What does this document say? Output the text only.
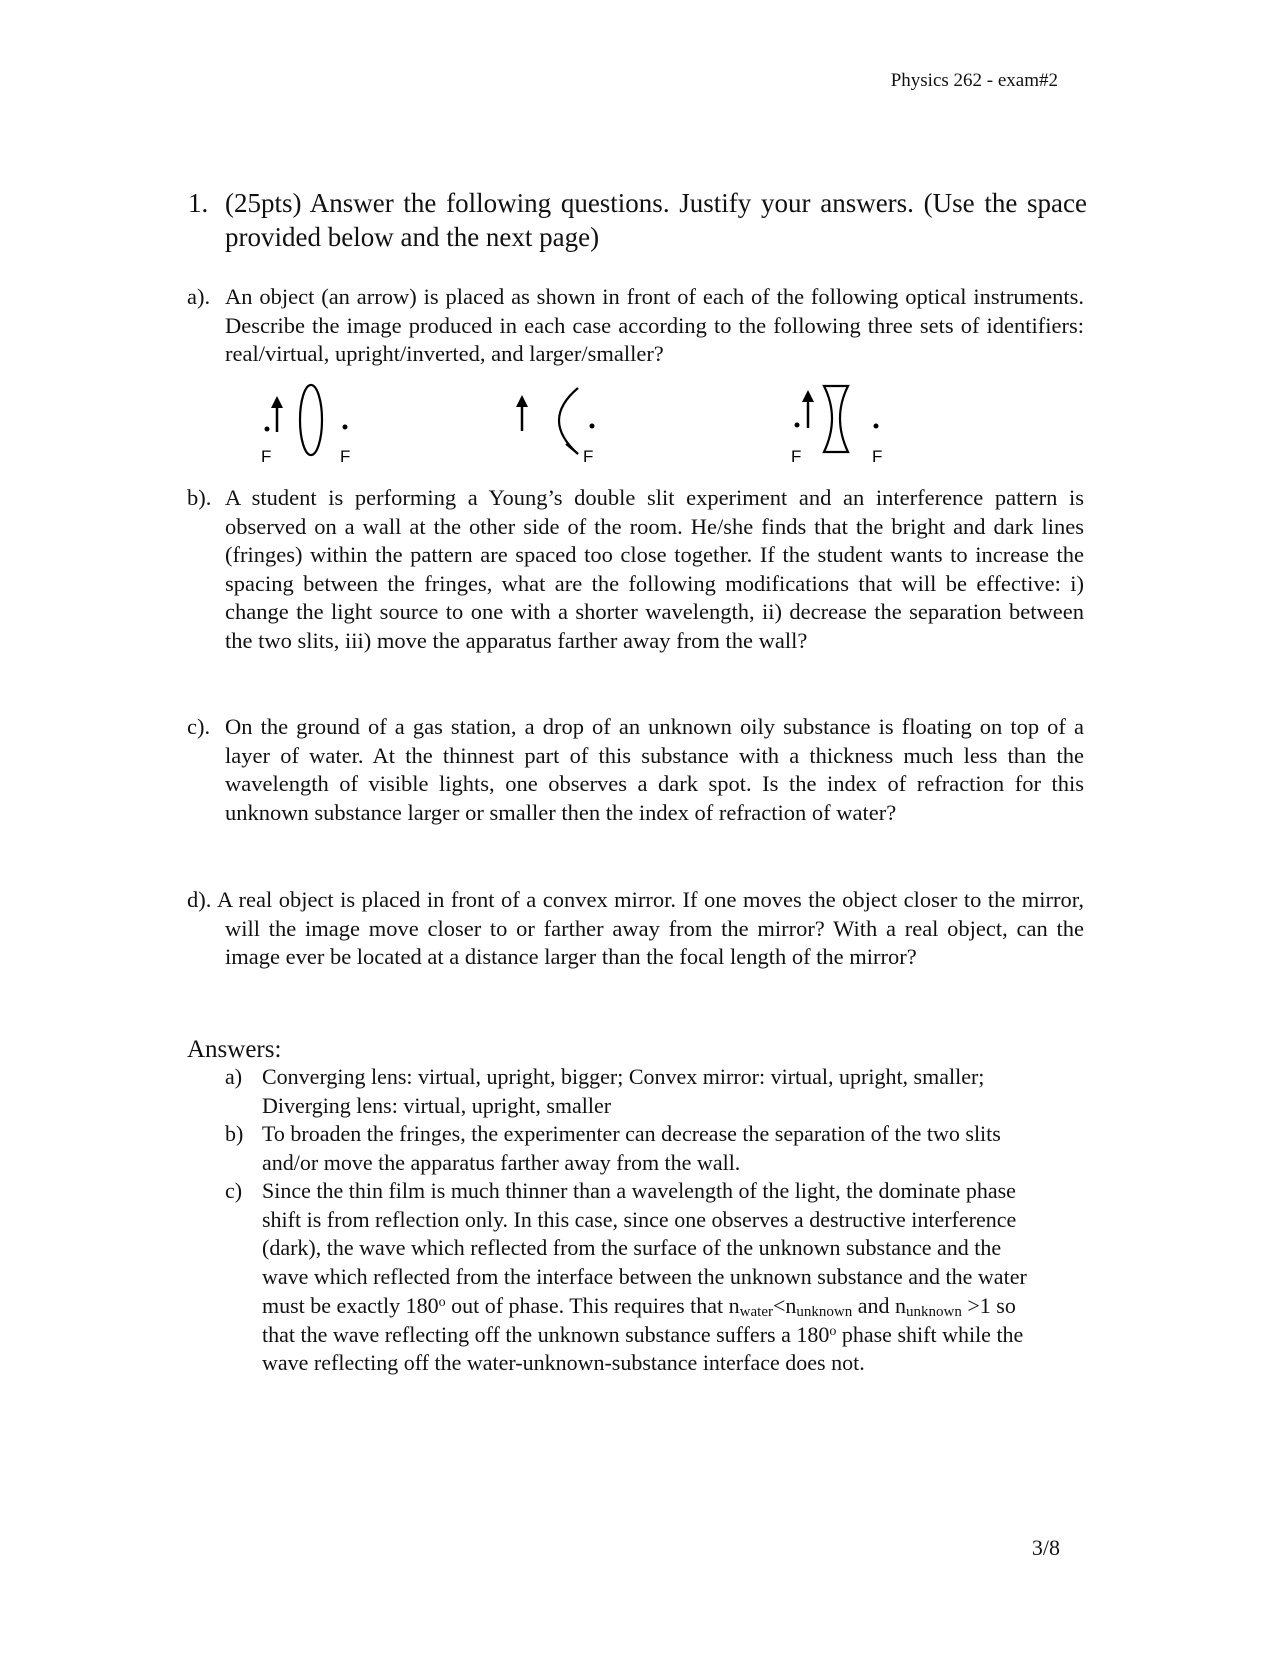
Physics 262 - exam#2
1. (25pts) Answer the following questions. Justify your answers. (Use the space provided below and the next page)
a). An object (an arrow) is placed as shown in front of each of the following optical instruments. Describe the image produced in each case according to the following three sets of identifiers: real/virtual, upright/inverted, and larger/smaller?
F	F	F	F	F
b). A student is performing a Young’s double slit experiment and an interference pattern is observed on a wall at the other side of the room. He/she finds that the bright and dark lines (fringes) within the pattern are spaced too close together. If the student wants to increase the spacing between the fringes, what are the following modifications that will be effective: i) change the light source to one with a shorter wavelength, ii) decrease the separation between the two slits, iii) move the apparatus farther away from the wall?
c). On the ground of a gas station, a drop of an unknown oily substance is floating on top of a layer of water. At the thinnest part of this substance with a thickness much less than the wavelength of visible lights, one observes a dark spot. Is the index of refraction for this unknown substance larger or smaller then the index of refraction of water?
d). A real object is placed in front of a convex mirror. If one moves the object closer to the mirror, will the image move closer to or farther away from the mirror? With a real object, can the image ever be located at a distance larger than the focal length of the mirror?
Answers:
a) Converging lens: virtual, upright, bigger; Convex mirror: virtual, upright, smaller; Diverging lens: virtual, upright, smaller
b) To broaden the fringes, the experimenter can decrease the separation of the two slits and/or move the apparatus farther away from the wall.
c) Since the thin film is much thinner than a wavelength of the light, the dominate phase shift is from reflection only. In this case, since one observes a destructive interference (dark), the wave which reflected from the surface of the unknown substance and the wave which reflected from the interface between the unknown substance and the water must be exactly 180$^o$ out of phase. This requires that $n_{water}<n_{unknown}$ and $n_{unknown} >1$ so that the wave reflecting off the unknown substance suffers a 180$^o$ phase shift while the wave reflecting off the water-unknown-substance interface does not.
3/8
